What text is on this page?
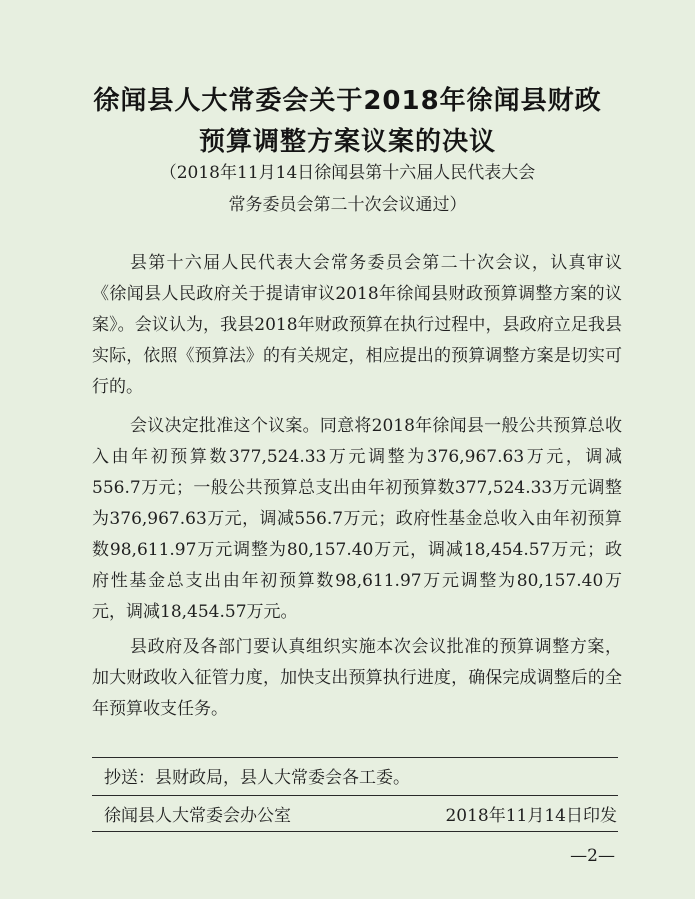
徐闻县人大常委会关于2018年徐闻县财政
预算调整方案议案的决议
（2018年11月14日徐闻县第十六届人民代表大会
常务委员会第二十次会议通过）
县第十六届人民代表大会常务委员会第二十次会议，认真审议《徐闻县人民政府关于提请审议2018年徐闻县财政预算调整方案的议案》。会议认为，我县2018年财政预算在执行过程中，县政府立足我县实际，依照《预算法》的有关规定，相应提出的预算调整方案是切实可行的。
会议决定批准这个议案。同意将2018年徐闻县一般公共预算总收入由年初预算数377,524.33万元调整为376,967.63万元，调减556.7万元；一般公共预算总支出由年初预算数377,524.33万元调整为376,967.63万元，调减556.7万元；政府性基金总收入由年初预算数98,611.97万元调整为80,157.40万元，调减18,454.57万元；政府性基金总支出由年初预算数98,611.97万元调整为80,157.40万元，调减18,454.57万元。
县政府及各部门要认真组织实施本次会议批准的预算调整方案，加大财政收入征管力度，加快支出预算执行进度，确保完成调整后的全年预算收支任务。
抄送：县财政局，县人大常委会各工委。
徐闻县人大常委会办公室	2018年11月14日印发
—2—
